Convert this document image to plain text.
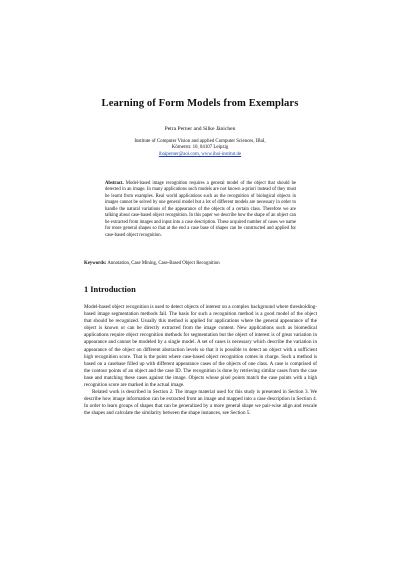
Learning of Form Models from Exemplars
Petra Perner and Silke Jänichen
Institute of Computer Vision and applied Computer Sciences, IBaI,
Körnerstr. 10, 04107 Leipzig
ibaiperner@aol.com, www.ibai-institut.de
Abstract. Model-based image recognition requires a general model of the object that should be detected in an image. In many applications such models are not known a-priori instead of they must be learnt from examples. Real world applications such as the recognition of biological objects in images cannot be solved by one general model but a lot of different models are necessary in order to handle the natural variations of the appearance of the objects of a certain class. Therefore we are talking about case-based object recognition. In this paper we describe how the shape of an object can be extracted from images and input into a case description. These acquired number of cases we name for more general shapes so that at the end a case base of shapes can be constructed and applied for case-based object recognition.
Keywords: Annotation, Case Mining, Case-Based Object Recognition
1 Introduction

Model-based object recognition is used to detect objects of interest on a complex background where thresholding-based image segmentation methods fail. The basis for such a recognition method is a good model of the object that should be recognized. Usually this method is applied for applications where the general appearance of the object is known or can be directly extracted from the image content. New applications such as biomedical applications require object recognition methods for segmentation but the object of interest is of great variation in appearance and cannot be modeled by a single model. A set of cases is necessary which describe the variation in appearance of the object on different abstraction levels so that it is possible to detect an object with a sufficient high recognition score. That is the point where case-based object recognition comes in charge. Such a method is based on a casebase filled up with different appearance cases of the objects of one class. A case is comprised of the contour points of an object and the case ID. The recognition is done by retrieving similar cases from the case base and matching these cases against the image. Objects whose pixel points match the case points with a high recognition score are marked in the actual image.

Related work is described in Section 2. The image material used for this study is presented in Section 3. We describe how image information can be extracted from an image and mapped into a case description in Section 4. In order to learn groups of shapes that can be generalized by a more general shape we pair-wise align and rescale the shapes and calculate the similarity between the shape instances, see Section 5.
